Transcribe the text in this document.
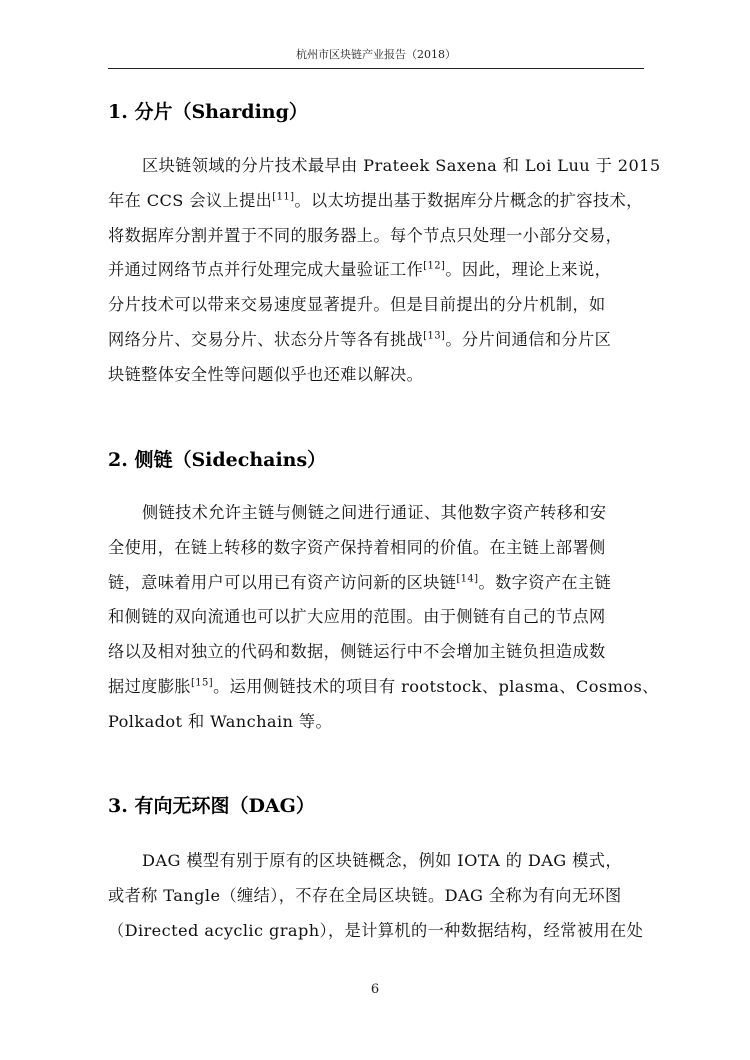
杭州市区块链产业报告（2018）
1. 分片（Sharding）
区块链领域的分片技术最早由 Prateek Saxena 和 Loi Luu 于 2015
年在 CCS 会议上提出[11]。以太坊提出基于数据库分片概念的扩容技术，
将数据库分割并置于不同的服务器上。每个节点只处理一小部分交易，
并通过网络节点并行处理完成大量验证工作[12]。因此，理论上来说，
分片技术可以带来交易速度显著提升。但是目前提出的分片机制，如
网络分片、交易分片、状态分片等各有挑战[13]。分片间通信和分片区
块链整体安全性等问题似乎也还难以解决。
2. 侧链（Sidechains）
侧链技术允许主链与侧链之间进行通证、其他数字资产转移和安
全使用，在链上转移的数字资产保持着相同的价值。在主链上部署侧
链，意味着用户可以用已有资产访问新的区块链[14]。数字资产在主链
和侧链的双向流通也可以扩大应用的范围。由于侧链有自己的节点网
络以及相对独立的代码和数据，侧链运行中不会增加主链负担造成数
据过度膨胀[15]。运用侧链技术的项目有 rootstock、plasma、Cosmos、
Polkadot 和 Wanchain 等。
3. 有向无环图（DAG）
DAG 模型有别于原有的区块链概念，例如 IOTA 的 DAG 模式，
或者称 Tangle（缠结），不存在全局区块链。DAG 全称为有向无环图
（Directed acyclic graph），是计算机的一种数据结构，经常被用在处
6
